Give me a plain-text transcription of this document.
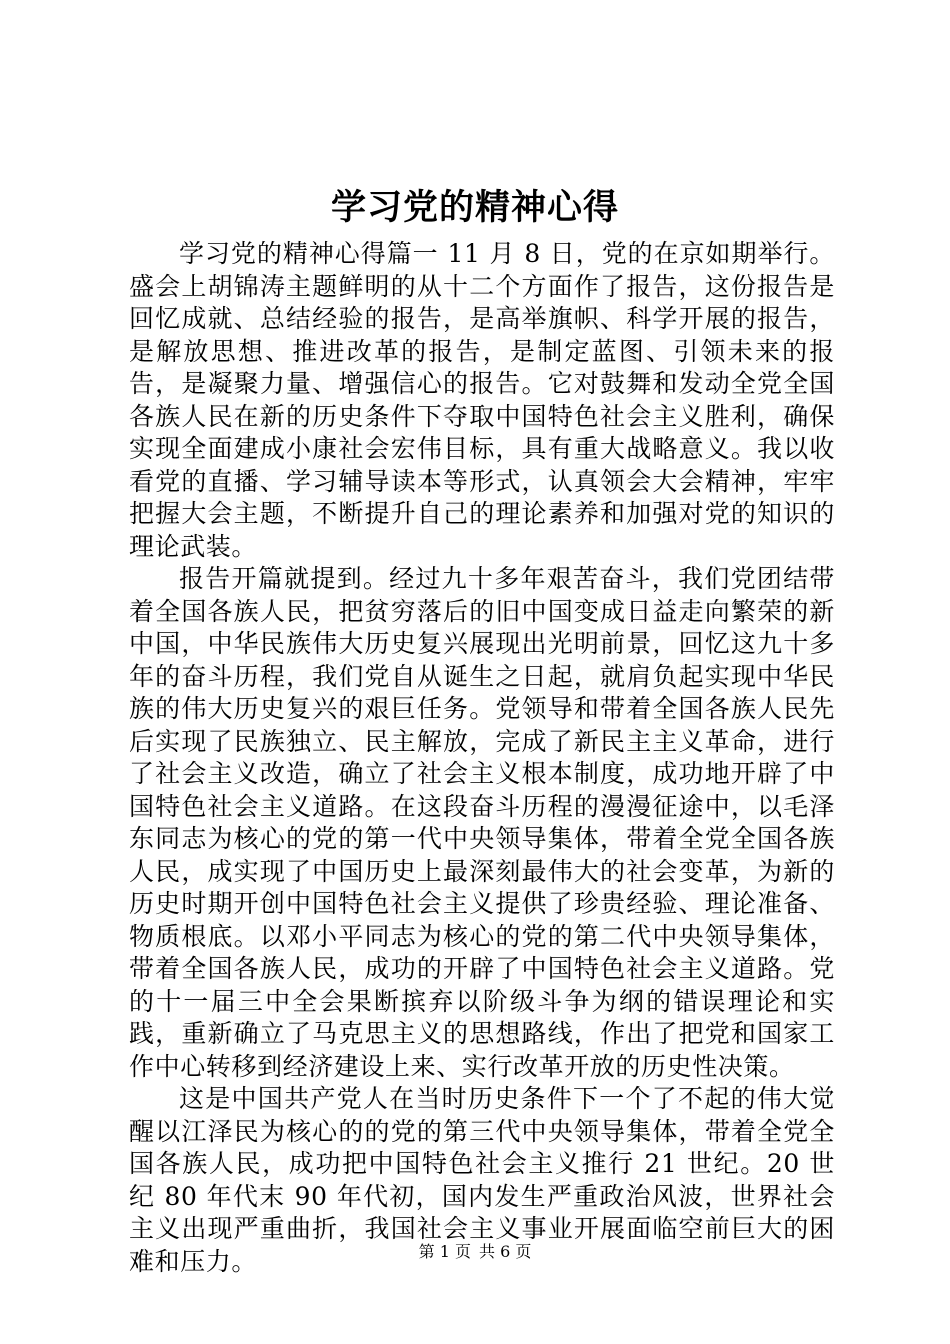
学习党的精神心得

学习党的精神心得篇一 11 月 8 日，党的在京如期举行。盛会上胡锦涛主题鲜明的从十二个方面作了报告，这份报告是回忆成就、总结经验的报告，是高举旗帜、科学开展的报告，是解放思想、推进改革的报告，是制定蓝图、引领未来的报告，是凝聚力量、增强信心的报告。它对鼓舞和发动全党全国各族人民在新的历史条件下夺取中国特色社会主义胜利，确保实现全面建成小康社会宏伟目标，具有重大战略意义。我以收看党的直播、学习辅导读本等形式，认真领会大会精神，牢牢把握大会主题，不断提升自己的理论素养和加强对党的知识的理论武装。

报告开篇就提到。经过九十多年艰苦奋斗，我们党团结带着全国各族人民，把贫穷落后的旧中国变成日益走向繁荣的新中国，中华民族伟大历史复兴展现出光明前景，回忆这九十多年的奋斗历程，我们党自从诞生之日起，就肩负起实现中华民族的伟大历史复兴的艰巨任务。党领导和带着全国各族人民先后实现了民族独立、民主解放，完成了新民主主义革命，进行了社会主义改造，确立了社会主义根本制度，成功地开辟了中国特色社会主义道路。在这段奋斗历程的漫漫征途中，以毛泽东同志为核心的党的第一代中央领导集体，带着全党全国各族人民，成实现了中国历史上最深刻最伟大的社会变革，为新的历史时期开创中国特色社会主义提供了珍贵经验、理论准备、物质根底。以邓小平同志为核心的党的第二代中央领导集体，带着全国各族人民，成功的开辟了中国特色社会主义道路。党的十一届三中全会果断摈弃以阶级斗争为纲的错误理论和实践，重新确立了马克思主义的思想路线，作出了把党和国家工作中心转移到经济建设上来、实行改革开放的历史性决策。

这是中国共产党人在当时历史条件下一个了不起的伟大觉醒以江泽民为核心的的党的第三代中央领导集体，带着全党全国各族人民，成功把中国特色社会主义推行 21 世纪。20 世纪 80 年代末 90 年代初，国内发生严重政治风波，世界社会主义出现严重曲折，我国社会主义事业开展面临空前巨大的困难和压力。	第 1 页 共 6 页
